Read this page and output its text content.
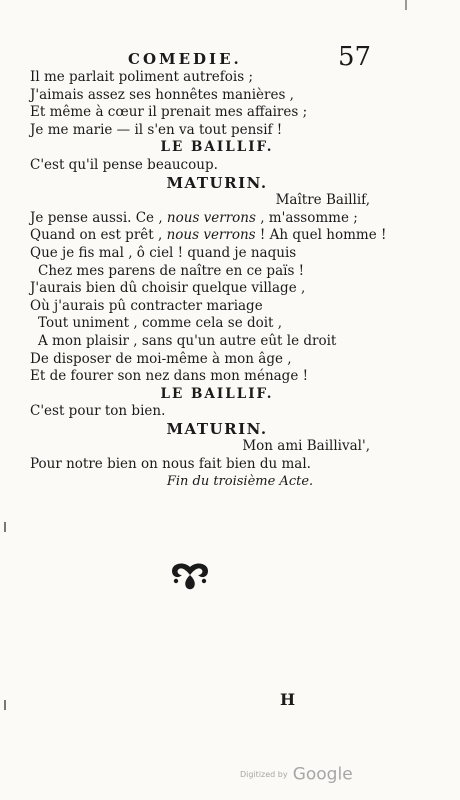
COMEDIE.	57
Il me parlait poliment autrefois ;
J'aimais assez ses honnêtes manières ,
Et même à cœur il prenait mes affaires ;
Je me marie — il s'en va tout pensif !
LE BAILLIF.
C'est qu'il pense beaucoup.
MATURIN.
Maître Baillif,
Je pense aussi. Ce , nous verrons , m'assomme ;
Quand on est prêt , nous verrons ! Ah quel homme !
Que je fis mal , ô ciel ! quand je naquis
Chez mes parens de naître en ce païs !
J'aurais bien dû choisir quelque village ,
Où j'aurais pû contracter mariage
Tout uniment , comme cela se doit ,
A mon plaisir , sans qu'un autre eût le droit
De disposer de moi-même à mon âge ,
Et de fourer son nez dans mon ménage !
LE BAILLIF.
C'est pour ton bien.
MATURIN.
Mon ami Baillival',
Pour notre bien on nous fait bien du mal.
Fin du troisième Acte.
H
Digitized by Google
